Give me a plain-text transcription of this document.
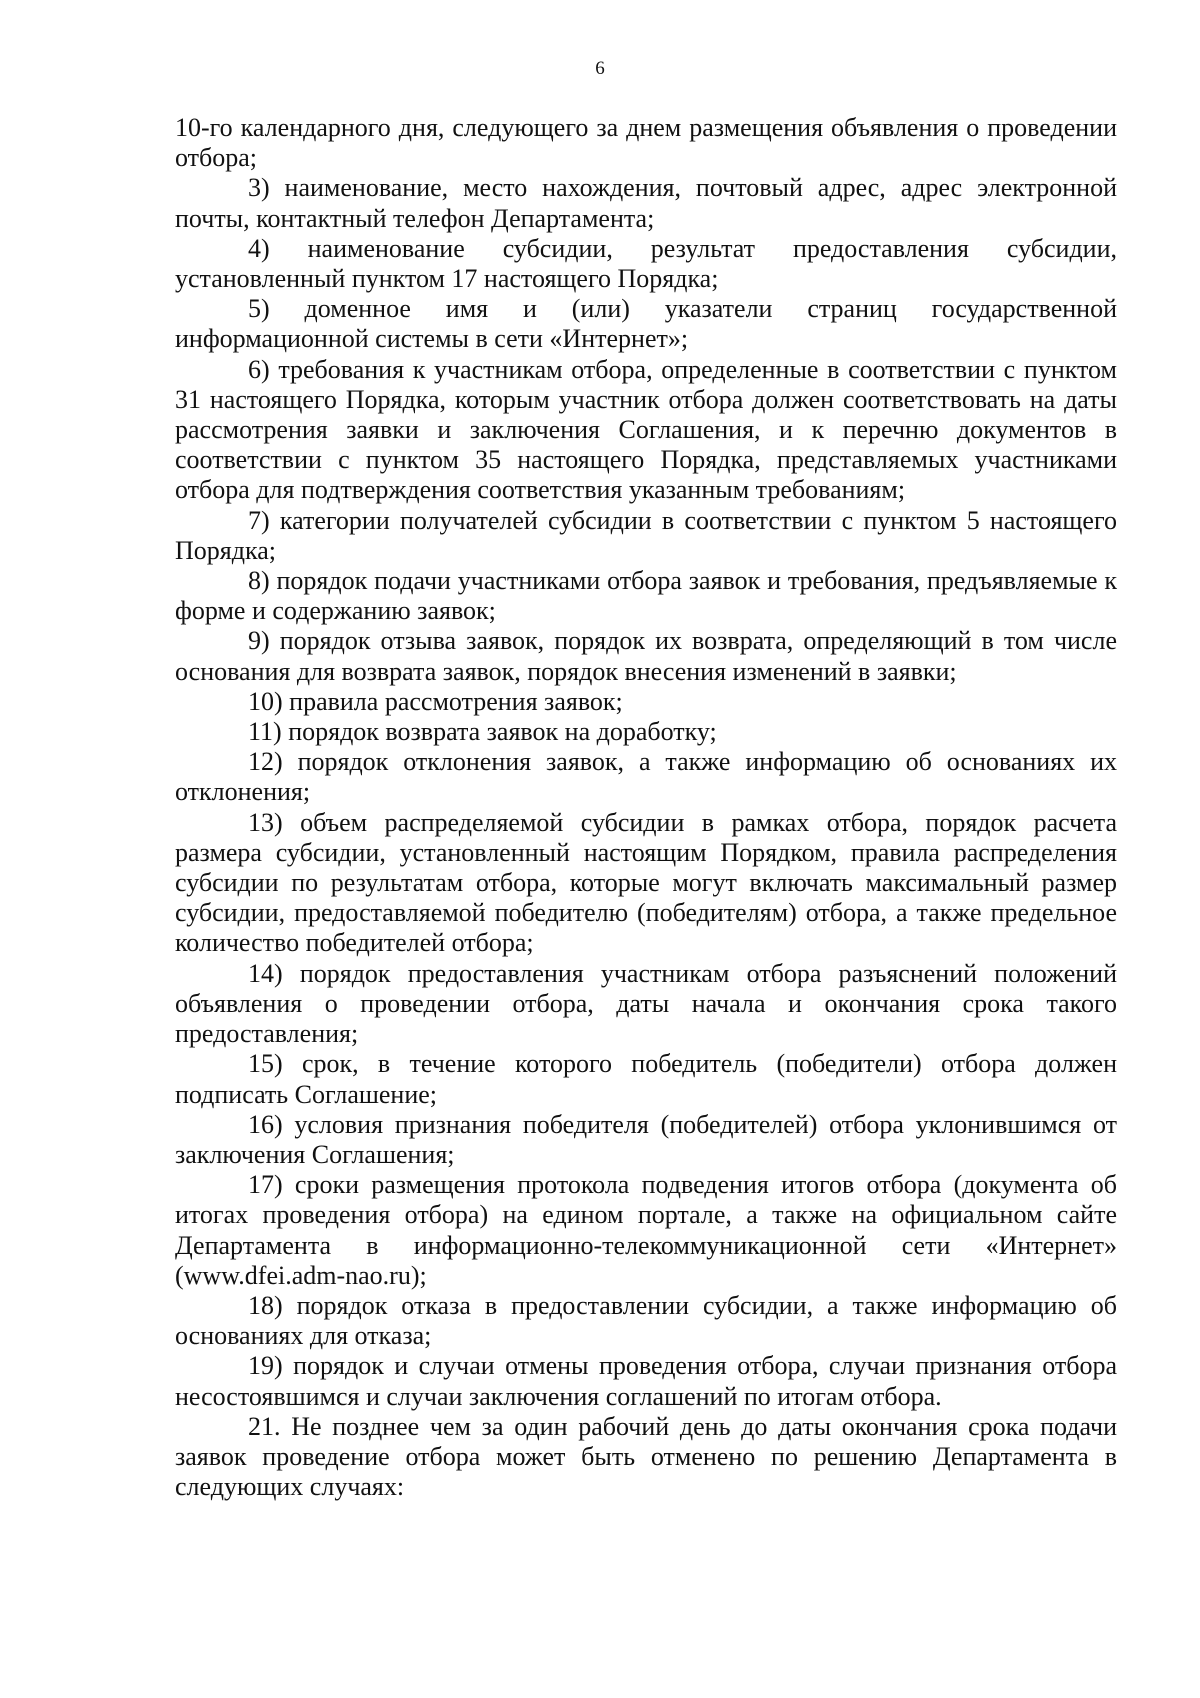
6

10-го календарного дня, следующего за днем размещения объявления о проведении отбора;

3) наименование, место нахождения, почтовый адрес, адрес электронной почты, контактный телефон Департамента;

4) наименование субсидии, результат предоставления субсидии, установленный пунктом 17 настоящего Порядка;

5) доменное имя и (или) указатели страниц государственной информационной системы в сети «Интернет»;

6) требования к участникам отбора, определенные в соответствии с пунктом 31 настоящего Порядка, которым участник отбора должен соответствовать на даты рассмотрения заявки и заключения Соглашения, и к перечню документов в соответствии с пунктом 35 настоящего Порядка, представляемых участниками отбора для подтверждения соответствия указанным требованиям;

7) категории получателей субсидии в соответствии с пунктом 5 настоящего Порядка;

8) порядок подачи участниками отбора заявок и требования, предъявляемые к форме и содержанию заявок;

9) порядок отзыва заявок, порядок их возврата, определяющий в том числе основания для возврата заявок, порядок внесения изменений в заявки;

10) правила рассмотрения заявок;

11) порядок возврата заявок на доработку;

12) порядок отклонения заявок, а также информацию об основаниях их отклонения;

13) объем распределяемой субсидии в рамках отбора, порядок расчета размера субсидии, установленный настоящим Порядком, правила распределения субсидии по результатам отбора, которые могут включать максимальный размер субсидии, предоставляемой победителю (победителям) отбора, а также предельное количество победителей отбора;

14) порядок предоставления участникам отбора разъяснений положений объявления о проведении отбора, даты начала и окончания срока такого предоставления;

15) срок, в течение которого победитель (победители) отбора должен подписать Соглашение;

16) условия признания победителя (победителей) отбора уклонившимся от заключения Соглашения;

17) сроки размещения протокола подведения итогов отбора (документа об итогах проведения отбора) на едином портале, а также на официальном сайте Департамента в информационно-телекоммуникационной сети «Интернет» (www.dfei.adm-nao.ru);

18) порядок отказа в предоставлении субсидии, а также информацию об основаниях для отказа;

19) порядок и случаи отмены проведения отбора, случаи признания отбора несостоявшимся и случаи заключения соглашений по итогам отбора.

21. Не позднее чем за один рабочий день до даты окончания срока подачи заявок проведение отбора может быть отменено по решению Департамента в следующих случаях:
